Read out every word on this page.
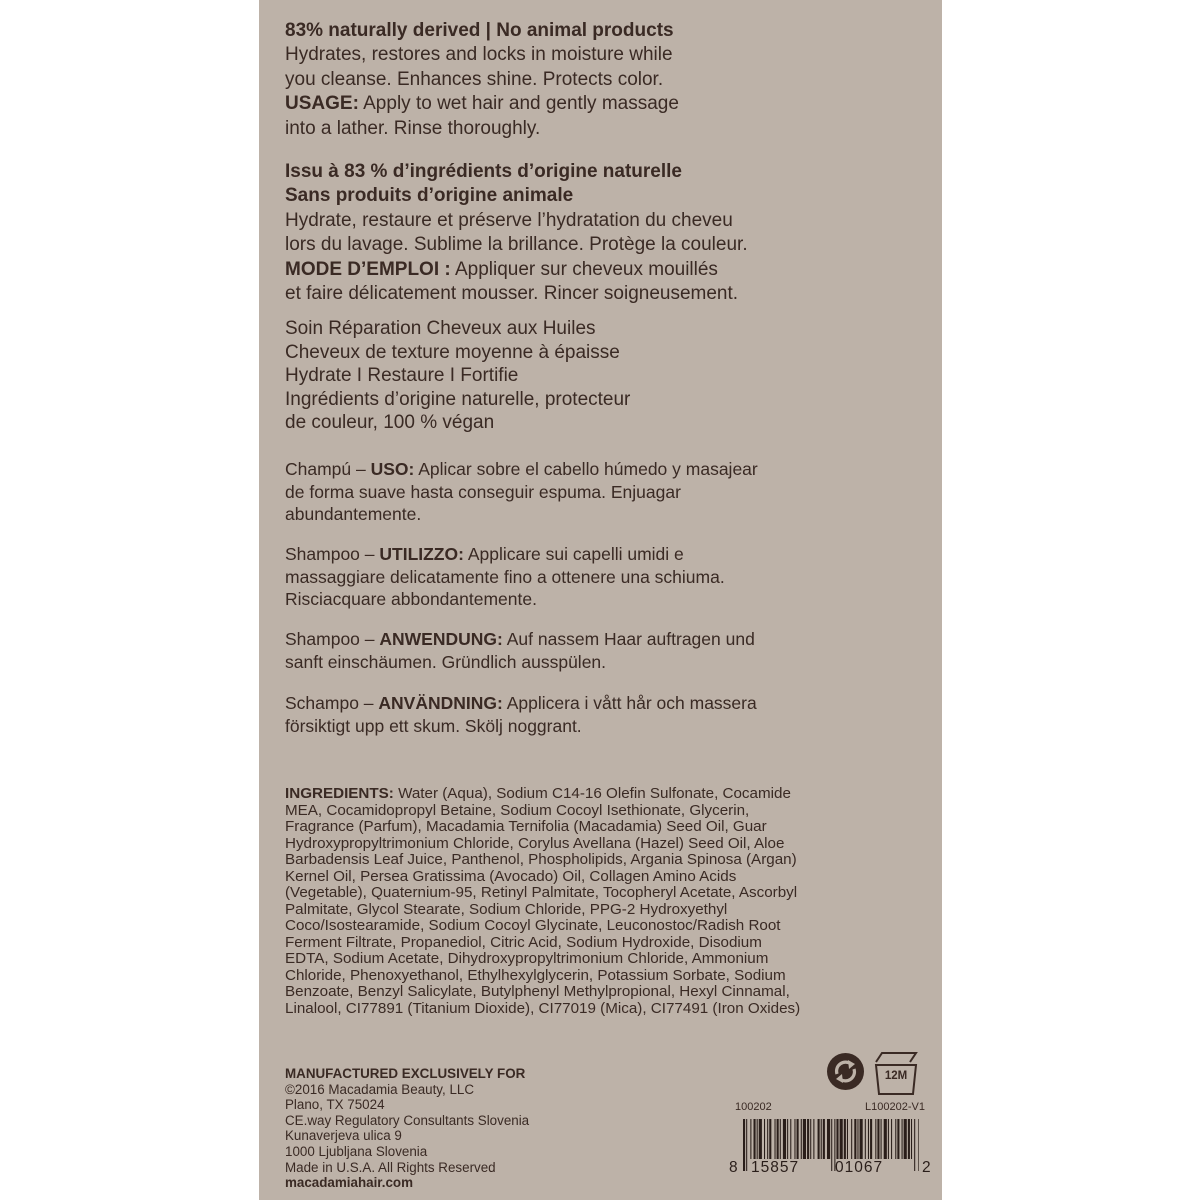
83% naturally derived | No animal products
Hydrates, restores and locks in moisture while
you cleanse. Enhances shine. Protects color.
USAGE: Apply to wet hair and gently massage
into a lather. Rinse thoroughly.
Issu à 83 % d’ingrédients d’origine naturelle
Sans produits d’origine animale
Hydrate, restaure et préserve l’hydratation du cheveu
lors du lavage. Sublime la brillance. Protège la couleur.
MODE D’EMPLOI : Appliquer sur cheveux mouillés
et faire délicatement mousser. Rincer soigneusement.
Soin Réparation Cheveux aux Huiles
Cheveux de texture moyenne à épaisse
Hydrate I Restaure I Fortifie
Ingrédients d’origine naturelle, protecteur
de couleur, 100 % végan
Champú – USO: Aplicar sobre el cabello húmedo y masajear
de forma suave hasta conseguir espuma. Enjuagar
abundantemente.
Shampoo – UTILIZZO: Applicare sui capelli umidi e
massaggiare delicatamente fino a ottenere una schiuma.
Risciacquare abbondantemente.
Shampoo – ANWENDUNG: Auf nassem Haar auftragen und
sanft einschäumen. Gründlich ausspülen.
Schampo – ANVÄNDNING: Applicera i vått hår och massera
försiktigt upp ett skum. Skölj noggrant.
INGREDIENTS: Water (Aqua), Sodium C14-16 Olefin Sulfonate, Cocamide
MEA, Cocamidopropyl Betaine, Sodium Cocoyl Isethionate, Glycerin,
Fragrance (Parfum), Macadamia Ternifolia (Macadamia) Seed Oil, Guar
Hydroxypropyltrimonium Chloride, Corylus Avellana (Hazel) Seed Oil, Aloe
Barbadensis Leaf Juice, Panthenol, Phospholipids, Argania Spinosa (Argan)
Kernel Oil, Persea Gratissima (Avocado) Oil, Collagen Amino Acids
(Vegetable), Quaternium-95, Retinyl Palmitate, Tocopheryl Acetate, Ascorbyl
Palmitate, Glycol Stearate, Sodium Chloride, PPG-2 Hydroxyethyl
Coco/Isostearamide, Sodium Cocoyl Glycinate, Leuconostoc/Radish Root
Ferment Filtrate, Propanediol, Citric Acid, Sodium Hydroxide, Disodium
EDTA, Sodium Acetate, Dihydroxypropyltrimonium Chloride, Ammonium
Chloride, Phenoxyethanol, Ethylhexylglycerin, Potassium Sorbate, Sodium
Benzoate, Benzyl Salicylate, Butylphenyl Methylpropional, Hexyl Cinnamal,
Linalool, CI77891 (Titanium Dioxide), CI77019 (Mica), CI77491 (Iron Oxides)
MANUFACTURED EXCLUSIVELY FOR
©2016 Macadamia Beauty, LLC
Plano, TX 75024
CE.way Regulatory Consultants Slovenia
Kunaverjeva ulica 9
1000 Ljubljana Slovenia
Made in U.S.A. All Rights Reserved
macadamiahair.com
12M
100202	L100202-V1
8 15857 01067	2
